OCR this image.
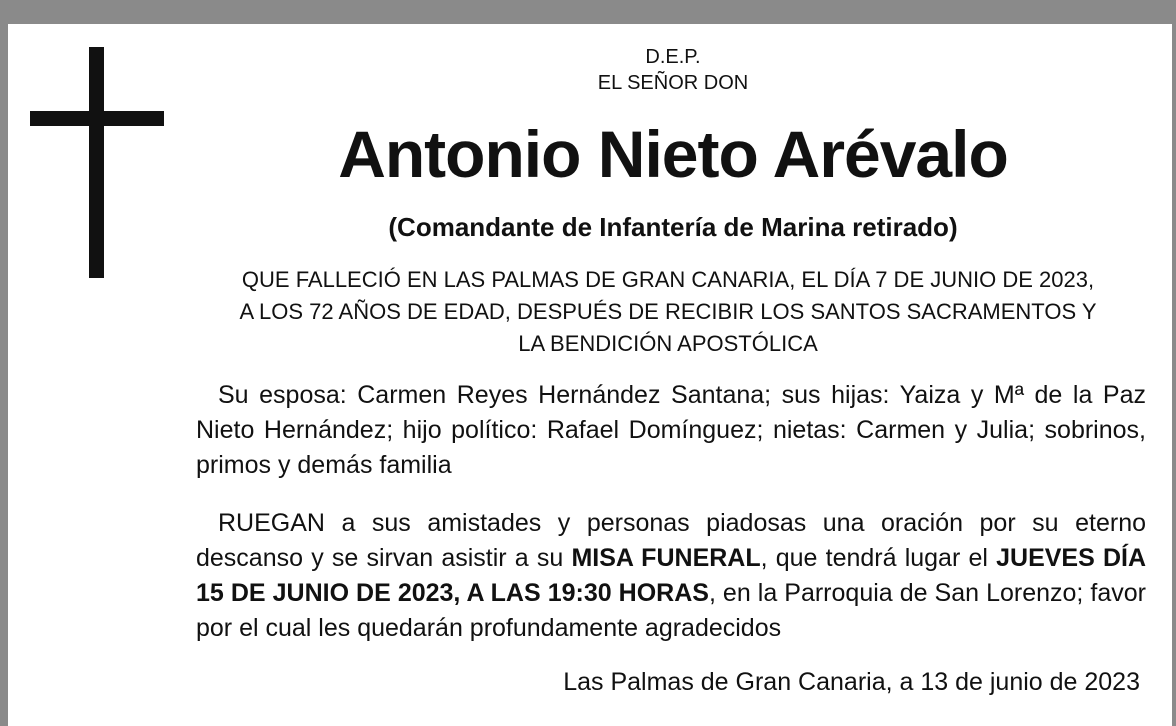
D.E.P.
EL SEÑOR DON
Antonio Nieto Arévalo
(Comandante de Infantería de Marina retirado)
QUE FALLECIÓ EN LAS PALMAS DE GRAN CANARIA, EL DÍA 7 DE JUNIO DE 2023,
A LOS 72 AÑOS DE EDAD, DESPUÉS DE RECIBIR LOS SANTOS SACRAMENTOS Y
LA BENDICIÓN APOSTÓLICA
Su esposa: Carmen Reyes Hernández Santana; sus hijas: Yaiza y Mª de la Paz Nieto Hernández; hijo político: Rafael Domínguez; nietas: Carmen y Julia; sobrinos, primos y demás familia
RUEGAN a sus amistades y personas piadosas una oración por su eterno descanso y se sirvan asistir a su MISA FUNERAL, que tendrá lugar el JUEVES DÍA 15 DE JUNIO DE 2023, A LAS 19:30 HORAS, en la Parroquia de San Lorenzo; favor por el cual les quedarán profundamente agradecidos
Las Palmas de Gran Canaria, a 13 de junio de 2023
